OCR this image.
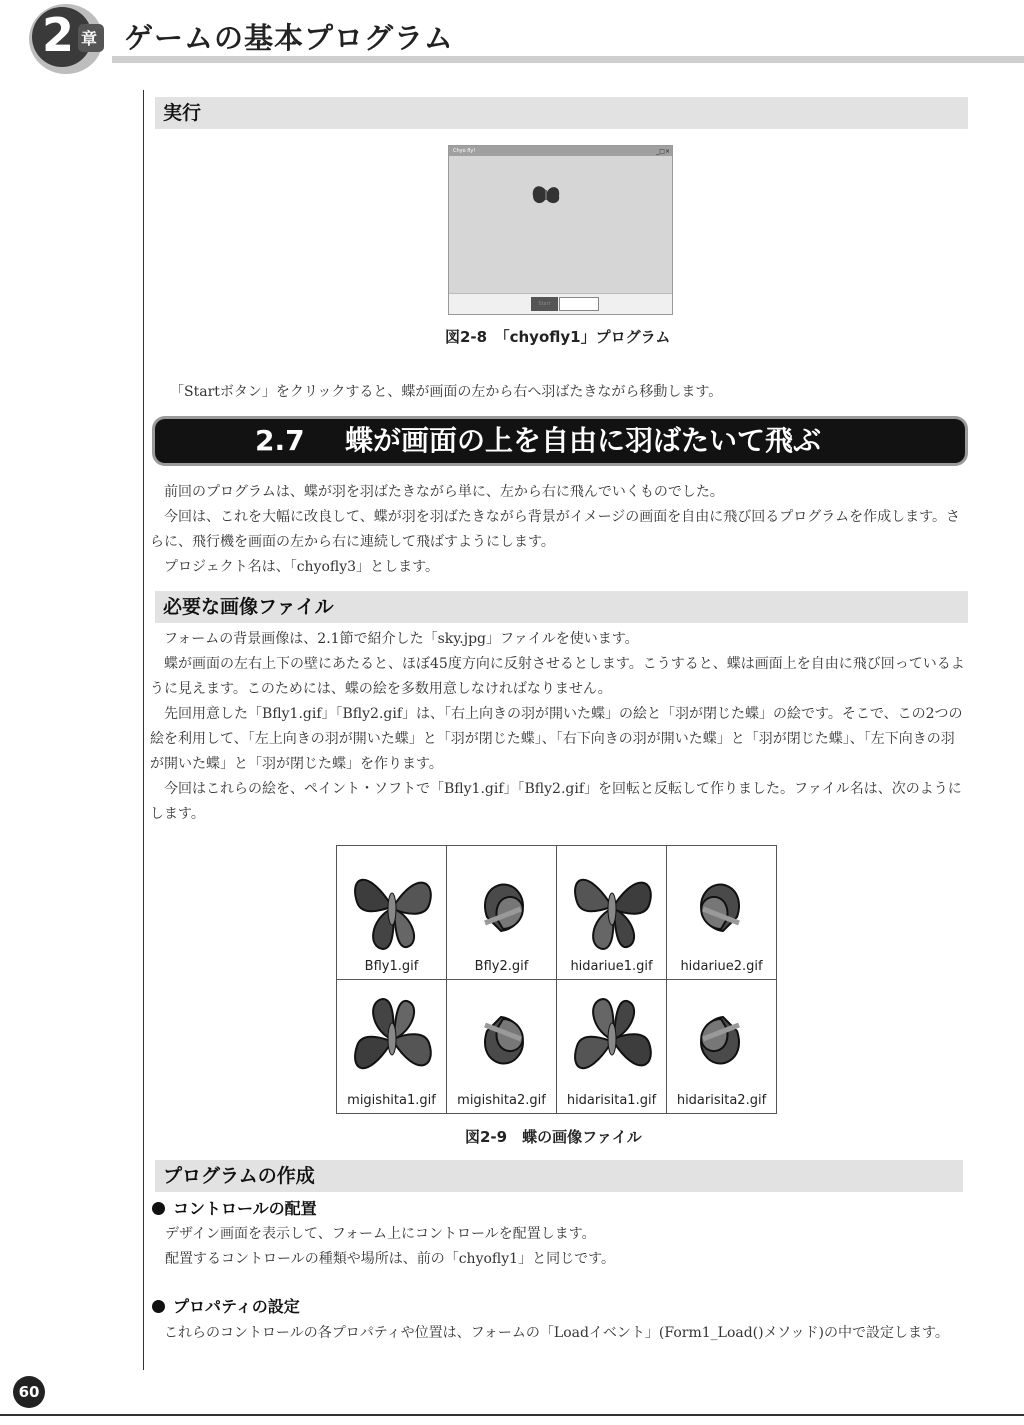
2 章 ゲームの基本プログラム
実行
Chyo fly!	_□×
Start
図2-8　「chyofly1」プログラム
「Startボタン」をクリックすると、蝶が画面の左から右へ羽ばたきながら移動します。
2.7 蝶が画面の上を自由に羽ばたいて飛ぶ
前回のプログラムは、蝶が羽を羽ばたきながら単に、左から右に飛んでいくものでした。
今回は、これを大幅に改良して、蝶が羽を羽ばたきながら背景がイメージの画面を自由に飛び回るプログラムを作成します。さらに、飛行機を画面の左から右に連続して飛ばすようにします。
プロジェクト名は、「chyofly3」とします。
必要な画像ファイル
フォームの背景画像は、2.1節で紹介した「sky.jpg」ファイルを使います。
蝶が画面の左右上下の壁にあたると、ほぼ45度方向に反射させるとします。こうすると、蝶は画面上を自由に飛び回っているように見えます。このためには、蝶の絵を多数用意しなければなりません。
先回用意した「Bfly1.gif」「Bfly2.gif」は、「右上向きの羽が開いた蝶」の絵と「羽が閉じた蝶」の絵です。そこで、この2つの絵を利用して、「左上向きの羽が開いた蝶」と「羽が閉じた蝶」、「右下向きの羽が開いた蝶」と「羽が閉じた蝶」、「左下向きの羽が開いた蝶」と「羽が閉じた蝶」を作ります。
今回はこれらの絵を、ペイント・ソフトで「Bfly1.gif」「Bfly2.gif」を回転と反転して作りました。ファイル名は、次のようにします。
Bfly1.gif	Bfly2.gif	hidariue1.gif	hidariue2.gif

migishita1.gif	migishita2.gif	hidarisita1.gif	hidarisita2.gif
図2-9　蝶の画像ファイル
プログラムの作成
コントロールの配置
デザイン画面を表示して、フォーム上にコントロールを配置します。
配置するコントロールの種類や場所は、前の「chyofly1」と同じです。
プロパティの設定
これらのコントロールの各プロパティや位置は、フォームの「Loadイベント」(Form1_Load()メソッド)の中で設定します。
60
